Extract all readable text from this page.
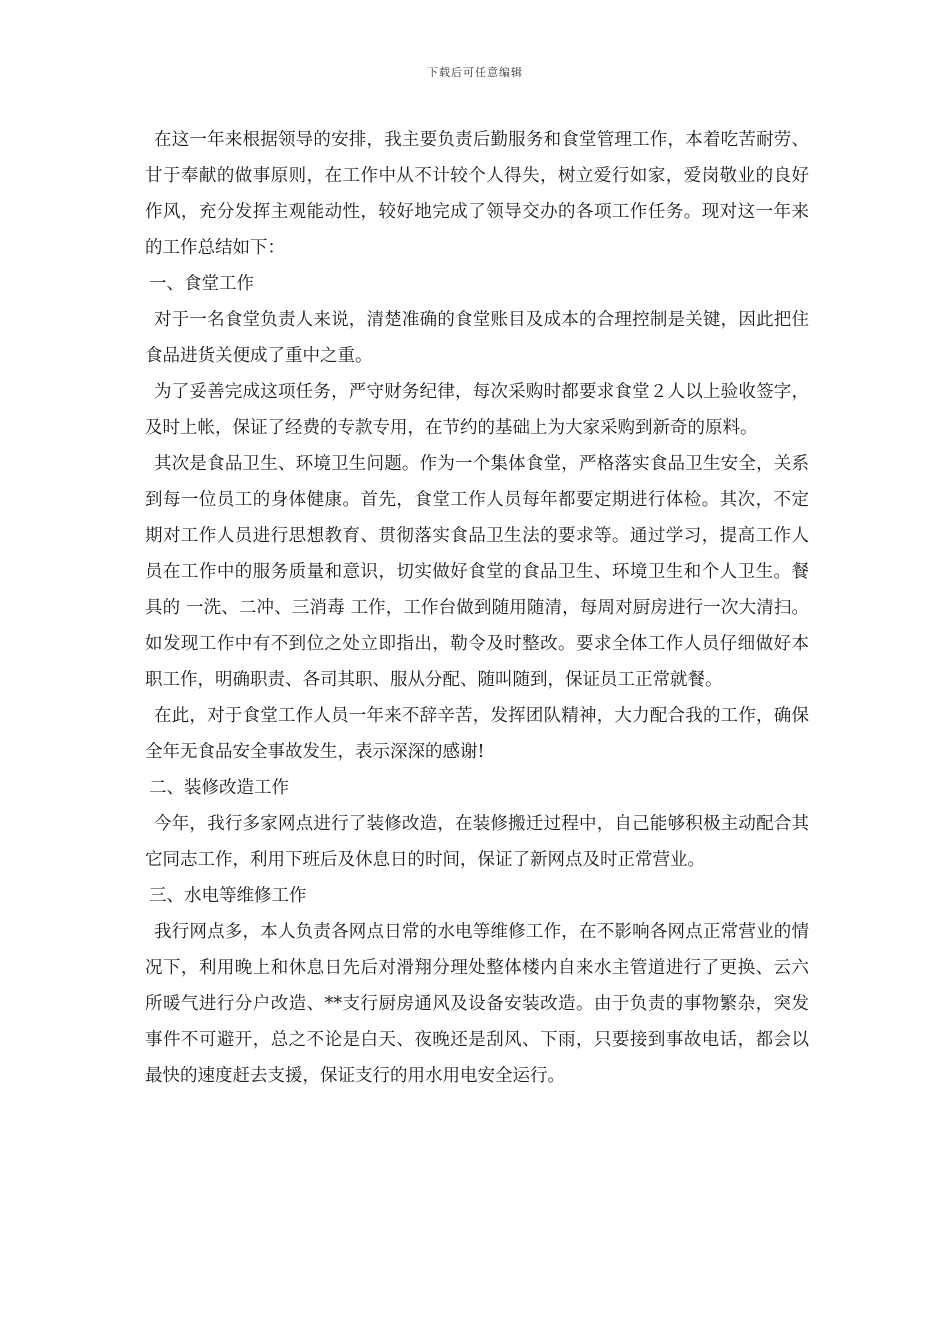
下载后可任意编辑

在这一年来根据领导的安排，我主要负责后勤服务和食堂管理工作，本着吃苦耐劳、甘于奉献的做事原则，在工作中从不计较个人得失，树立爱行如家，爱岗敬业的良好作风，充分发挥主观能动性，较好地完成了领导交办的各项工作任务。现对这一年来的工作总结如下：

一、食堂工作

对于一名食堂负责人来说，清楚准确的食堂账目及成本的合理控制是关键，因此把住食品进货关便成了重中之重。

为了妥善完成这项任务，严守财务纪律，每次采购时都要求食堂２人以上验收签字，及时上帐，保证了经费的专款专用，在节约的基础上为大家采购到新奇的原料。

其次是食品卫生、环境卫生问题。作为一个集体食堂，严格落实食品卫生安全，关系到每一位员工的身体健康。首先，食堂工作人员每年都要定期进行体检。其次，不定期对工作人员进行思想教育、贯彻落实食品卫生法的要求等。通过学习，提高工作人员在工作中的服务质量和意识，切实做好食堂的食品卫生、环境卫生和个人卫生。餐具的 一洗、二冲、三消毒 工作，工作台做到随用随清，每周对厨房进行一次大清扫。如发现工作中有不到位之处立即指出，勒令及时整改。要求全体工作人员仔细做好本职工作，明确职责、各司其职、服从分配、随叫随到，保证员工正常就餐。

在此，对于食堂工作人员一年来不辞辛苦，发挥团队精神，大力配合我的工作，确保全年无食品安全事故发生，表示深深的感谢!

二、装修改造工作

今年，我行多家网点进行了装修改造，在装修搬迁过程中，自己能够积极主动配合其它同志工作，利用下班后及休息日的时间，保证了新网点及时正常营业。

三、水电等维修工作

我行网点多，本人负责各网点日常的水电等维修工作，在不影响各网点正常营业的情况下，利用晚上和休息日先后对滑翔分理处整体楼内自来水主管道进行了更换、云六所暖气进行分户改造、**支行厨房通风及设备安装改造。由于负责的事物繁杂，突发事件不可避开，总之不论是白天、夜晚还是刮风、下雨，只要接到事故电话，都会以最快的速度赶去支援，保证支行的用水用电安全运行。
